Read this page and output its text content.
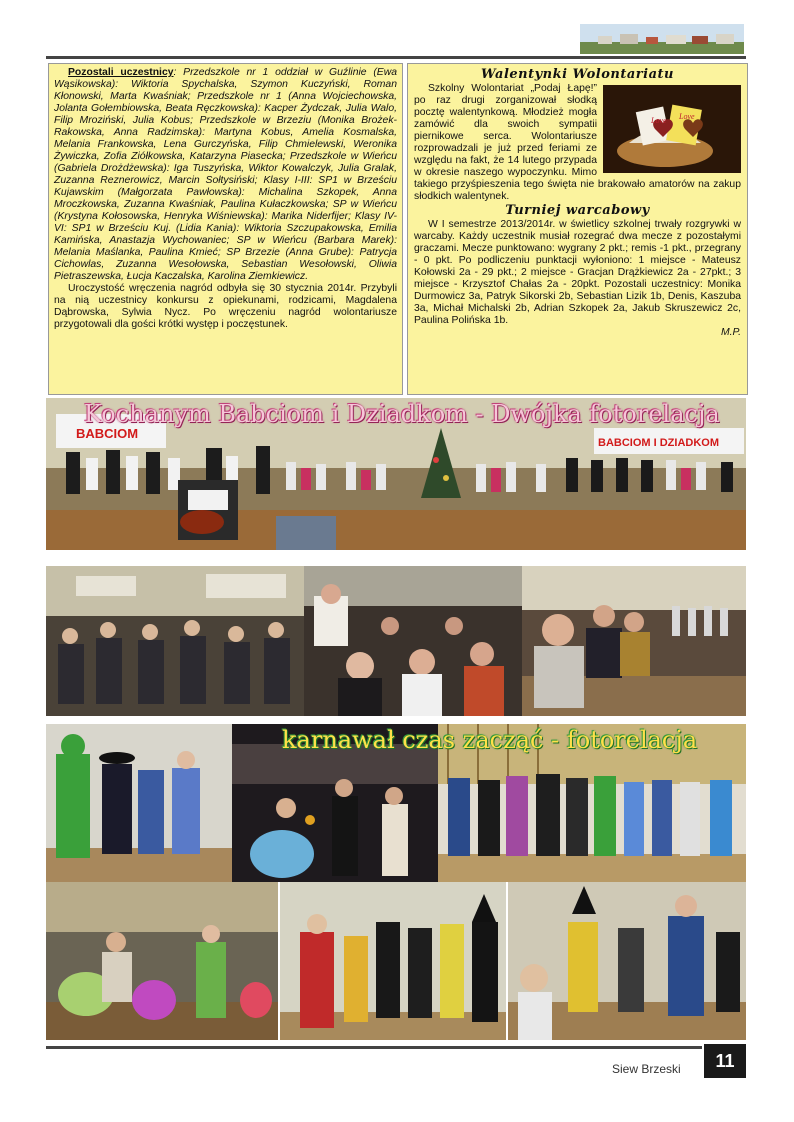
Pozostali uczestnicy: Przedszkole nr 1 oddział w Guźlinie (Ewa Wąsikowska): Wiktoria Spychalska, Szymon Kuczyński, Roman Kłonowski, Marta Kwaśniak; Przedszkole nr 1 (Anna Wojciechowska, Jolanta Gołembiowska, Beata Ręczkowska): Kacper Żydczak, Julia Walo, Filip Mroziński, Julia Kobus; Przedszkole w Brzeziu (Monika Brożek-Rakowska, Anna Radzimska): Martyna Kobus, Amelia Kosmalska, Melania Frankowska, Lena Gurczyńska, Filip Chmielewski, Weronika Żywiczka, Zofia Ziółkowska, Katarzyna Piasecka; Przedszkole w Wieńcu (Gabriela Drożdżewska): Iga Tuszyńska, Wiktor Kowalczyk, Julia Gralak, Zuzanna Reznerowicz, Marcin Sołtysiński; Klasy I-III: SP1 w Brześciu Kujawskim (Małgorzata Pawłowska): Michalina Szkopek, Anna Mroczkowska, Zuzanna Kwaśniak, Paulina Kułaczkowska; SP w Wieńcu (Krystyna Kołosowska, Henryka Wiśniewska): Marika Niderfijer; Klasy IV-VI: SP1 w Brześciu Kuj. (Lidia Kania): Wiktoria Szczupakowska, Emilia Kamińska, Anastazja Wychowaniec; SP w Wieńcu (Barbara Marek): Melania Maślanka, Paulina Kmieć; SP Brzezie (Anna Grube): Patrycja Cichowlas, Zuzanna Wesołowska, Sebastian Wesołowski, Oliwia Pietraszewska, Łucja Kaczalska, Karolina Ziemkiewicz.

Uroczystość wręczenia nagród odbyła się 30 stycznia 2014r. Przybyli na nią uczestnicy konkursu z opiekunami, rodzicami, Magdalena Dąbrowska, Sylwia Nycz. Po wręczeniu nagród wolontariusze przygotowali dla gości krótki występ i poczęstunek.

Walentynki Wolontariatu
Love Love

Szkolny Wolontariat „Podaj Łapę!” po raz drugi zorganizował słodką pocztę walentynkową. Młodzież mogła zamówić dla swoich sympatii piernikowe serca. Wolontariusze rozprowadzali je już przed feriami ze względu na fakt, że 14 lutego przypada w okresie naszego wypoczynku. Mimo takiego przyśpieszenia tego święta nie brakowało amatorów na zakup słodkich walentynek.

Turniej warcabowy

W I semestrze 2013/2014r. w świetlicy szkolnej trwały rozgrywki w warcaby. Każdy uczestnik musiał rozegrać dwa mecze z pozostałymi graczami. Mecze punktowano: wygrany 2 pkt.; remis -1 pkt., przegrany - 0 pkt. Po podliczeniu punktacji wyłoniono: 1 miejsce - Mateusz Kołowski 2a - 29 pkt.; 2 miejsce - Gracjan Drążkiewicz 2a - 27pkt.; 3 miejsce - Krzysztof Chałas 2a - 20pkt. Pozostali uczestnicy: Monika Durmowicz 3a, Patryk Sikorski 2b, Sebastian Lizik 1b, Denis, Kaszuba 3a, Michał Michalski 2b, Adrian Szkopek 2a, Jakub Skruszewicz 2c, Paulina Polińska 1b.

M.P.

BABCIOM
BABCIOM I DZIADKOM
Kochanym Babciom i Dziadkom - Dwójka fotorelacja
karnawał czas zacząć - fotorelacja
Siew Brzeski	11
